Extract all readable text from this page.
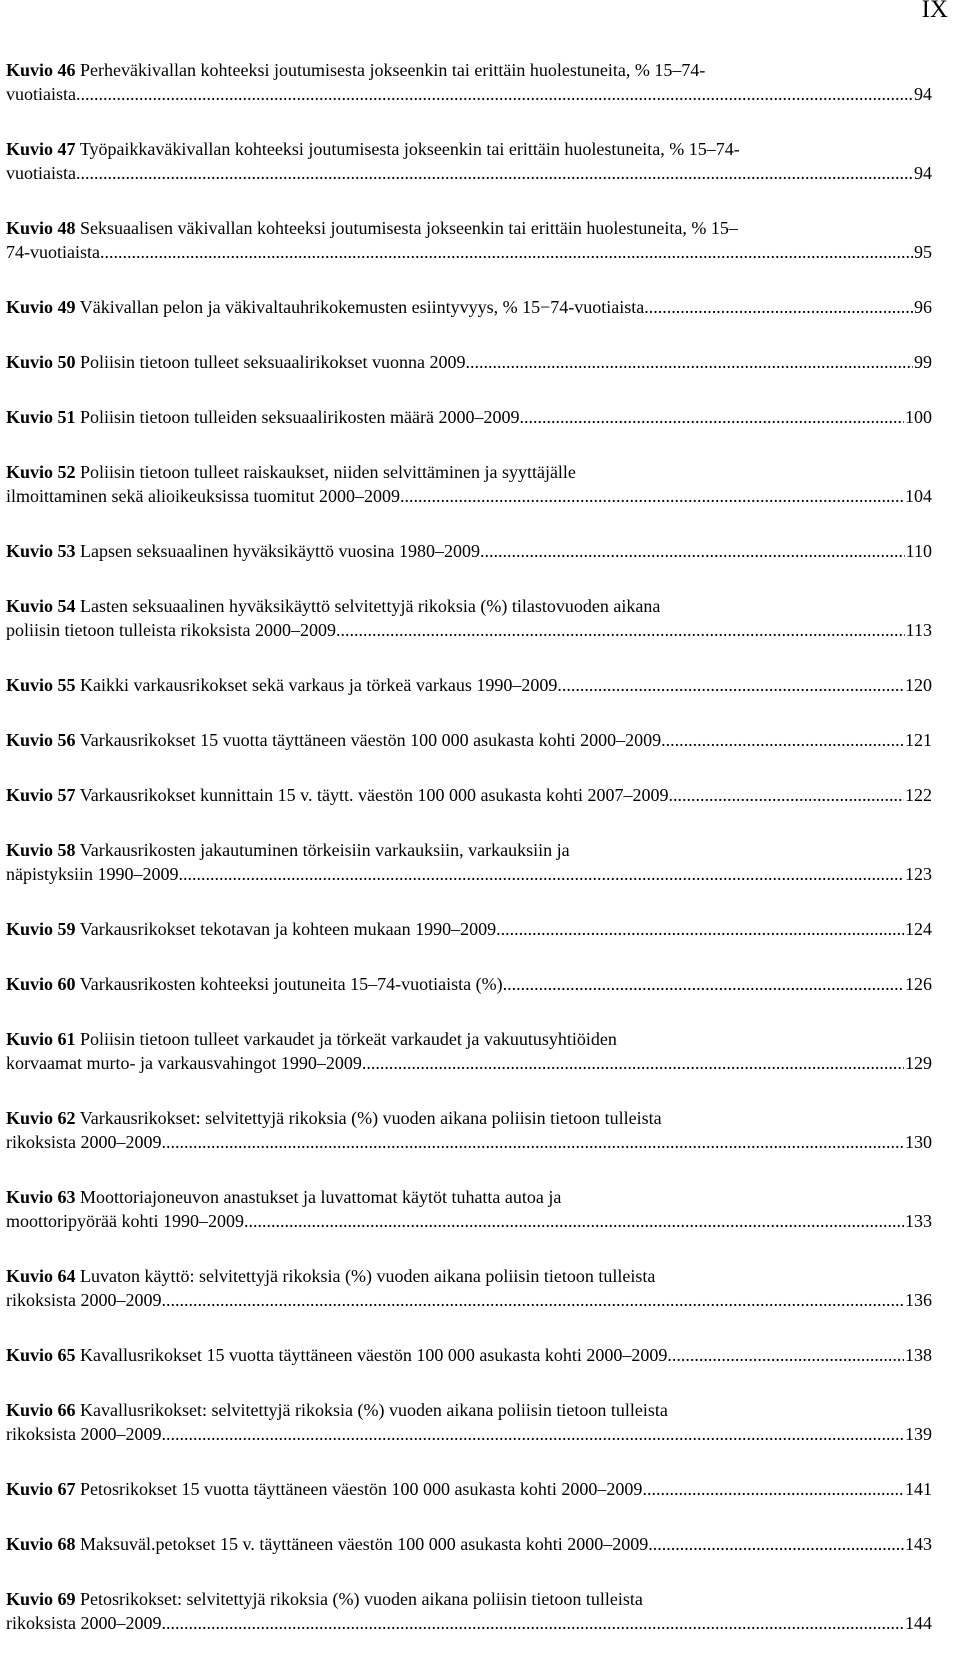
IX
Kuvio 46 Perheväkivallan kohteeksi joutumisesta jokseenkin tai erittäin huolestuneita, % 15–74-
vuotiaista .....	94
Kuvio 47 Työpaikkaväkivallan kohteeksi joutumisesta jokseenkin tai erittäin huolestuneita, % 15–74-
vuotiaista .....	94
Kuvio 48 Seksuaalisen väkivallan kohteeksi joutumisesta jokseenkin tai erittäin huolestuneita, % 15–
74-vuotiaista .....	95
Kuvio 49 Väkivallan pelon ja väkivaltauhrikokemusten esiintyvyys, % 15−74-vuotiaista .....	96
Kuvio 50 Poliisin tietoon tulleet seksuaalirikokset vuonna 2009 .....	99
Kuvio 51 Poliisin tietoon tulleiden seksuaalirikosten määrä 2000–2009 .....	100
Kuvio 52 Poliisin tietoon tulleet raiskaukset, niiden selvittäminen ja syyttäjälle
ilmoittaminen sekä alioikeuksissa tuomitut 2000–2009 .....	104
Kuvio 53 Lapsen seksuaalinen hyväksikäyttö vuosina 1980–2009 .....	110
Kuvio 54 Lasten seksuaalinen hyväksikäyttö selvitettyjä rikoksia (%) tilastovuoden aikana
poliisin tietoon tulleista rikoksista 2000–2009 .....	113
Kuvio 55 Kaikki varkausrikokset sekä varkaus ja törkeä varkaus 1990–2009 .....	120
Kuvio 56 Varkausrikokset 15 vuotta täyttäneen väestön 100 000 asukasta kohti 2000–2009 .....	121
Kuvio 57 Varkausrikokset kunnittain 15 v. täytt. väestön 100 000 asukasta kohti 2007–2009 .....	122
Kuvio 58 Varkausrikosten jakautuminen törkeisiin varkauksiin, varkauksiin ja
näpistyksiin 1990–2009 .....	123
Kuvio 59 Varkausrikokset tekotavan ja kohteen mukaan 1990–2009 .....	124
Kuvio 60 Varkausrikosten kohteeksi joutuneita 15–74-vuotiaista (%) .....	126
Kuvio 61 Poliisin tietoon tulleet varkaudet ja törkeät varkaudet ja vakuutusyhtiöiden
korvaamat murto- ja varkausvahingot 1990–2009 .....	129
Kuvio 62 Varkausrikokset: selvitettyjä rikoksia (%) vuoden aikana poliisin tietoon tulleista
rikoksista 2000–2009 .....	130
Kuvio 63 Moottoriajoneuvon anastukset ja luvattomat käytöt tuhatta autoa ja
moottoripyörää kohti 1990–2009 .....	133
Kuvio 64 Luvaton käyttö: selvitettyjä rikoksia (%) vuoden aikana poliisin tietoon tulleista
rikoksista 2000–2009 .....	136
Kuvio 65 Kavallusrikokset 15 vuotta täyttäneen väestön 100 000 asukasta kohti 2000–2009 .....	138
Kuvio 66 Kavallusrikokset: selvitettyjä rikoksia (%) vuoden aikana poliisin tietoon tulleista
rikoksista 2000–2009 .....	139
Kuvio 67 Petosrikokset 15 vuotta täyttäneen väestön 100 000 asukasta kohti 2000–2009 .....	141
Kuvio 68 Maksuväl.petokset 15 v. täyttäneen väestön 100 000 asukasta kohti 2000–2009 .....	143
Kuvio 69 Petosrikokset: selvitettyjä rikoksia (%) vuoden aikana poliisin tietoon tulleista
rikoksista 2000–2009 .....	144
